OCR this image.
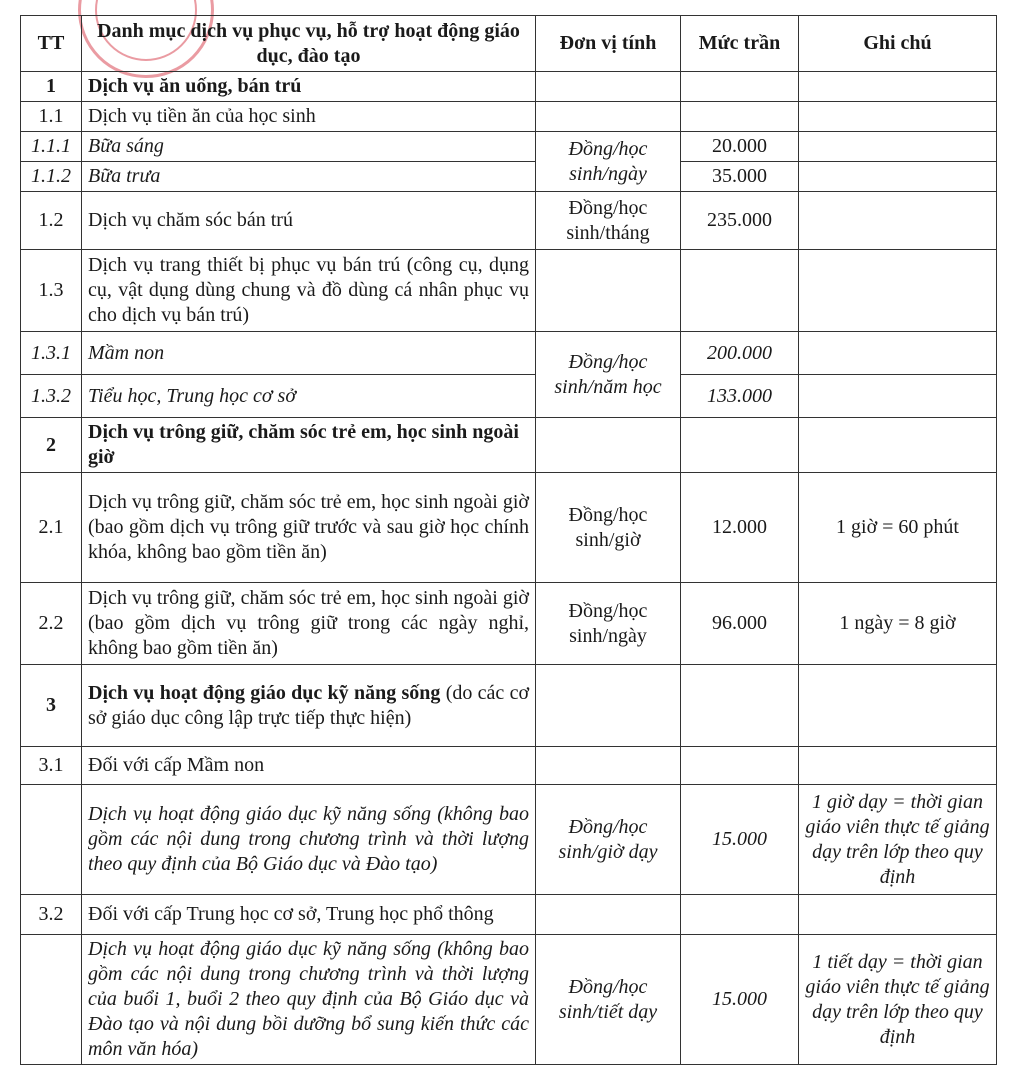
TT	Danh mục dịch vụ phục vụ, hỗ trợ hoạt động giáo dục, đào tạo	Đơn vị tính	Mức trần	Ghi chú
1	Dịch vụ ăn uống, bán trú			
1.1	Dịch vụ tiền ăn của học sinh			
1.1.1	Bữa sáng	Đồng/học sinh/ngày	20.000	
1.1.2	Bữa trưa		35.000	
1.2	Dịch vụ chăm sóc bán trú	Đồng/học sinh/tháng	235.000	
1.3	Dịch vụ trang thiết bị phục vụ bán trú (công cụ, dụng cụ, vật dụng dùng chung và đồ dùng cá nhân phục vụ cho dịch vụ bán trú)			
1.3.1	Mầm non	Đồng/học sinh/năm học	200.000	
1.3.2	Tiểu học, Trung học cơ sở		133.000	
2	Dịch vụ trông giữ, chăm sóc trẻ em, học sinh ngoài giờ			
2.1	Dịch vụ trông giữ, chăm sóc trẻ em, học sinh ngoài giờ (bao gồm dịch vụ trông giữ trước và sau giờ học chính khóa, không bao gồm tiền ăn)	Đồng/học sinh/giờ	12.000	1 giờ = 60 phút
2.2	Dịch vụ trông giữ, chăm sóc trẻ em, học sinh ngoài giờ (bao gồm dịch vụ trông giữ trong các ngày nghỉ, không bao gồm tiền ăn)	Đồng/học sinh/ngày	96.000	1 ngày = 8 giờ
3	Dịch vụ hoạt động giáo dục kỹ năng sống (do các cơ sở giáo dục công lập trực tiếp thực hiện)			
3.1	Đối với cấp Mầm non			
	Dịch vụ hoạt động giáo dục kỹ năng sống (không bao gồm các nội dung trong chương trình và thời lượng theo quy định của Bộ Giáo dục và Đào tạo)	Đồng/học sinh/giờ dạy	15.000	1 giờ dạy = thời gian giáo viên thực tế giảng dạy trên lớp theo quy định
3.2	Đối với cấp Trung học cơ sở, Trung học phổ thông			
	Dịch vụ hoạt động giáo dục kỹ năng sống (không bao gồm các nội dung trong chương trình và thời lượng của buổi 1, buổi 2 theo quy định của Bộ Giáo dục và Đào tạo và nội dung bồi dưỡng bổ sung kiến thức các môn văn hóa)	Đồng/học sinh/tiết dạy	15.000	1 tiết dạy = thời gian giáo viên thực tế giảng dạy trên lớp theo quy định
